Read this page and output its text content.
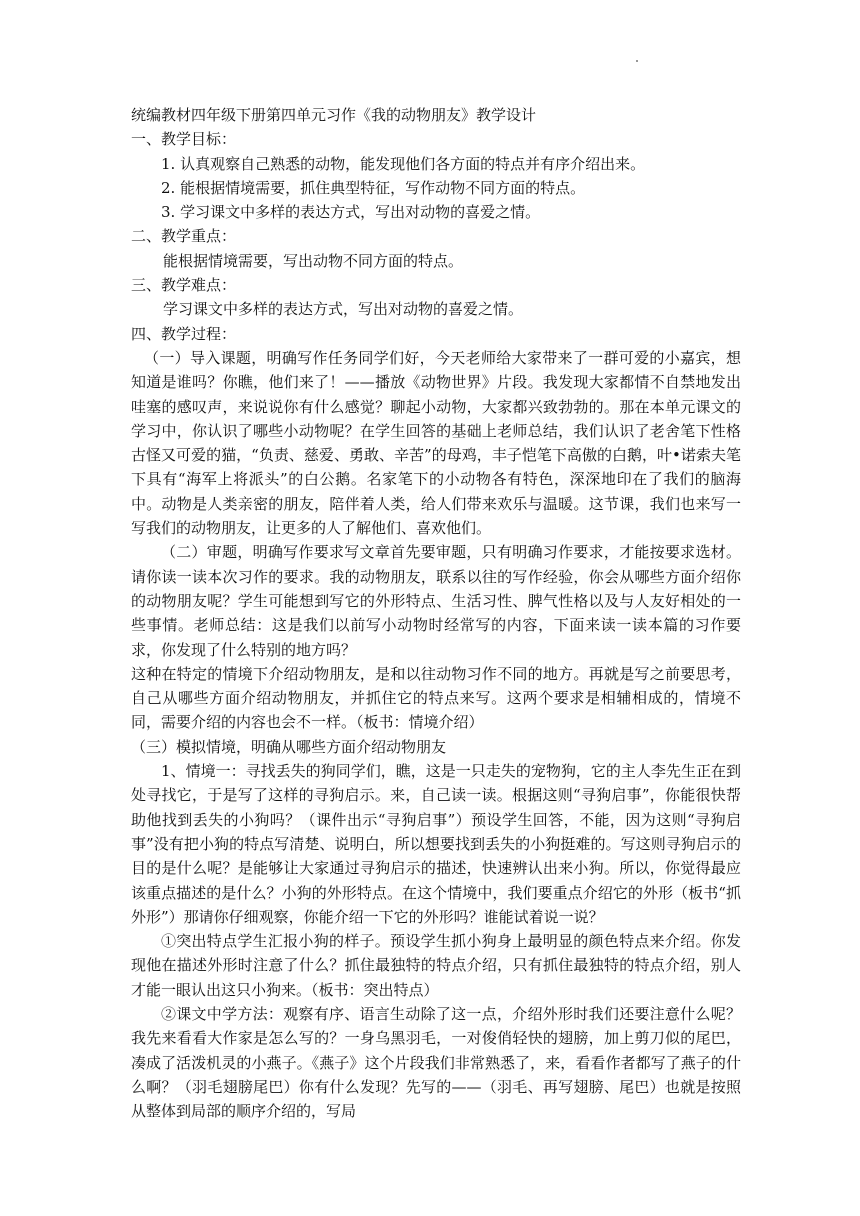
统编教材四年级下册第四单元习作《我的动物朋友》教学设计

一、教学目标：

1. 认真观察自己熟悉的动物，能发现他们各方面的特点并有序介绍出来。

2. 能根据情境需要，抓住典型特征，写作动物不同方面的特点。

3. 学习课文中多样的表达方式，写出对动物的喜爱之情。

二、教学重点：

能根据情境需要，写出动物不同方面的特点。

三、教学难点：

学习课文中多样的表达方式，写出对动物的喜爱之情。

四、教学过程：

（一）导入课题，明确写作任务同学们好，今天老师给大家带来了一群可爱的小嘉宾，想知道是谁吗？你瞧，他们来了！——播放《动物世界》片段。我发现大家都情不自禁地发出哇塞的感叹声，来说说你有什么感觉？聊起小动物，大家都兴致勃勃的。那在本单元课文的学习中，你认识了哪些小动物呢？在学生回答的基础上老师总结，我们认识了老舍笔下性格古怪又可爱的猫，“负责、慈爱、勇敢、辛苦”的母鸡，丰子恺笔下高傲的白鹅，叶•诺索夫笔下具有“海军上将派头”的白公鹅。名家笔下的小动物各有特色，深深地印在了我们的脑海中。动物是人类亲密的朋友，陪伴着人类，给人们带来欢乐与温暖。这节课，我们也来写一写我们的动物朋友，让更多的人了解他们、喜欢他们。

（二）审题，明确写作要求写文章首先要审题，只有明确习作要求，才能按要求选材。请你读一读本次习作的要求。我的动物朋友，联系以往的写作经验，你会从哪些方面介绍你的动物朋友呢？学生可能想到写它的外形特点、生活习性、脾气性格以及与人友好相处的一些事情。老师总结：这是我们以前写小动物时经常写的内容，下面来读一读本篇的习作要求，你发现了什么特别的地方吗？

这种在特定的情境下介绍动物朋友，是和以往动物习作不同的地方。再就是写之前要思考，自己从哪些方面介绍动物朋友，并抓住它的特点来写。这两个要求是相辅相成的，情境不同，需要介绍的内容也会不一样。（板书：情境介绍）

（三）模拟情境，明确从哪些方面介绍动物朋友

1、情境一：寻找丢失的狗同学们，瞧，这是一只走失的宠物狗，它的主人李先生正在到处寻找它，于是写了这样的寻狗启示。来，自己读一读。根据这则“寻狗启事”，你能很快帮助他找到丢失的小狗吗？（课件出示“寻狗启事”）预设学生回答，不能，因为这则“寻狗启事”没有把小狗的特点写清楚、说明白，所以想要找到丢失的小狗挺难的。写这则寻狗启示的目的是什么呢？是能够让大家通过寻狗启示的描述，快速辨认出来小狗。所以，你觉得最应该重点描述的是什么？小狗的外形特点。在这个情境中，我们要重点介绍它的外形（板书“抓外形”）那请你仔细观察，你能介绍一下它的外形吗？谁能试着说一说？

①突出特点学生汇报小狗的样子。预设学生抓小狗身上最明显的颜色特点来介绍。你发现他在描述外形时注意了什么？抓住最独特的特点介绍，只有抓住最独特的特点介绍，别人才能一眼认出这只小狗来。（板书：突出特点）

②课文中学方法：观察有序、语言生动除了这一点，介绍外形时我们还要注意什么呢？我先来看看大作家是怎么写的？一身乌黑羽毛，一对俊俏轻快的翅膀，加上剪刀似的尾巴，凑成了活泼机灵的小燕子。《燕子》这个片段我们非常熟悉了，来，看看作者都写了燕子的什么啊？（羽毛翅膀尾巴）你有什么发现？先写的——（羽毛、再写翅膀、尾巴）也就是按照从整体到局部的顺序介绍的，写局
